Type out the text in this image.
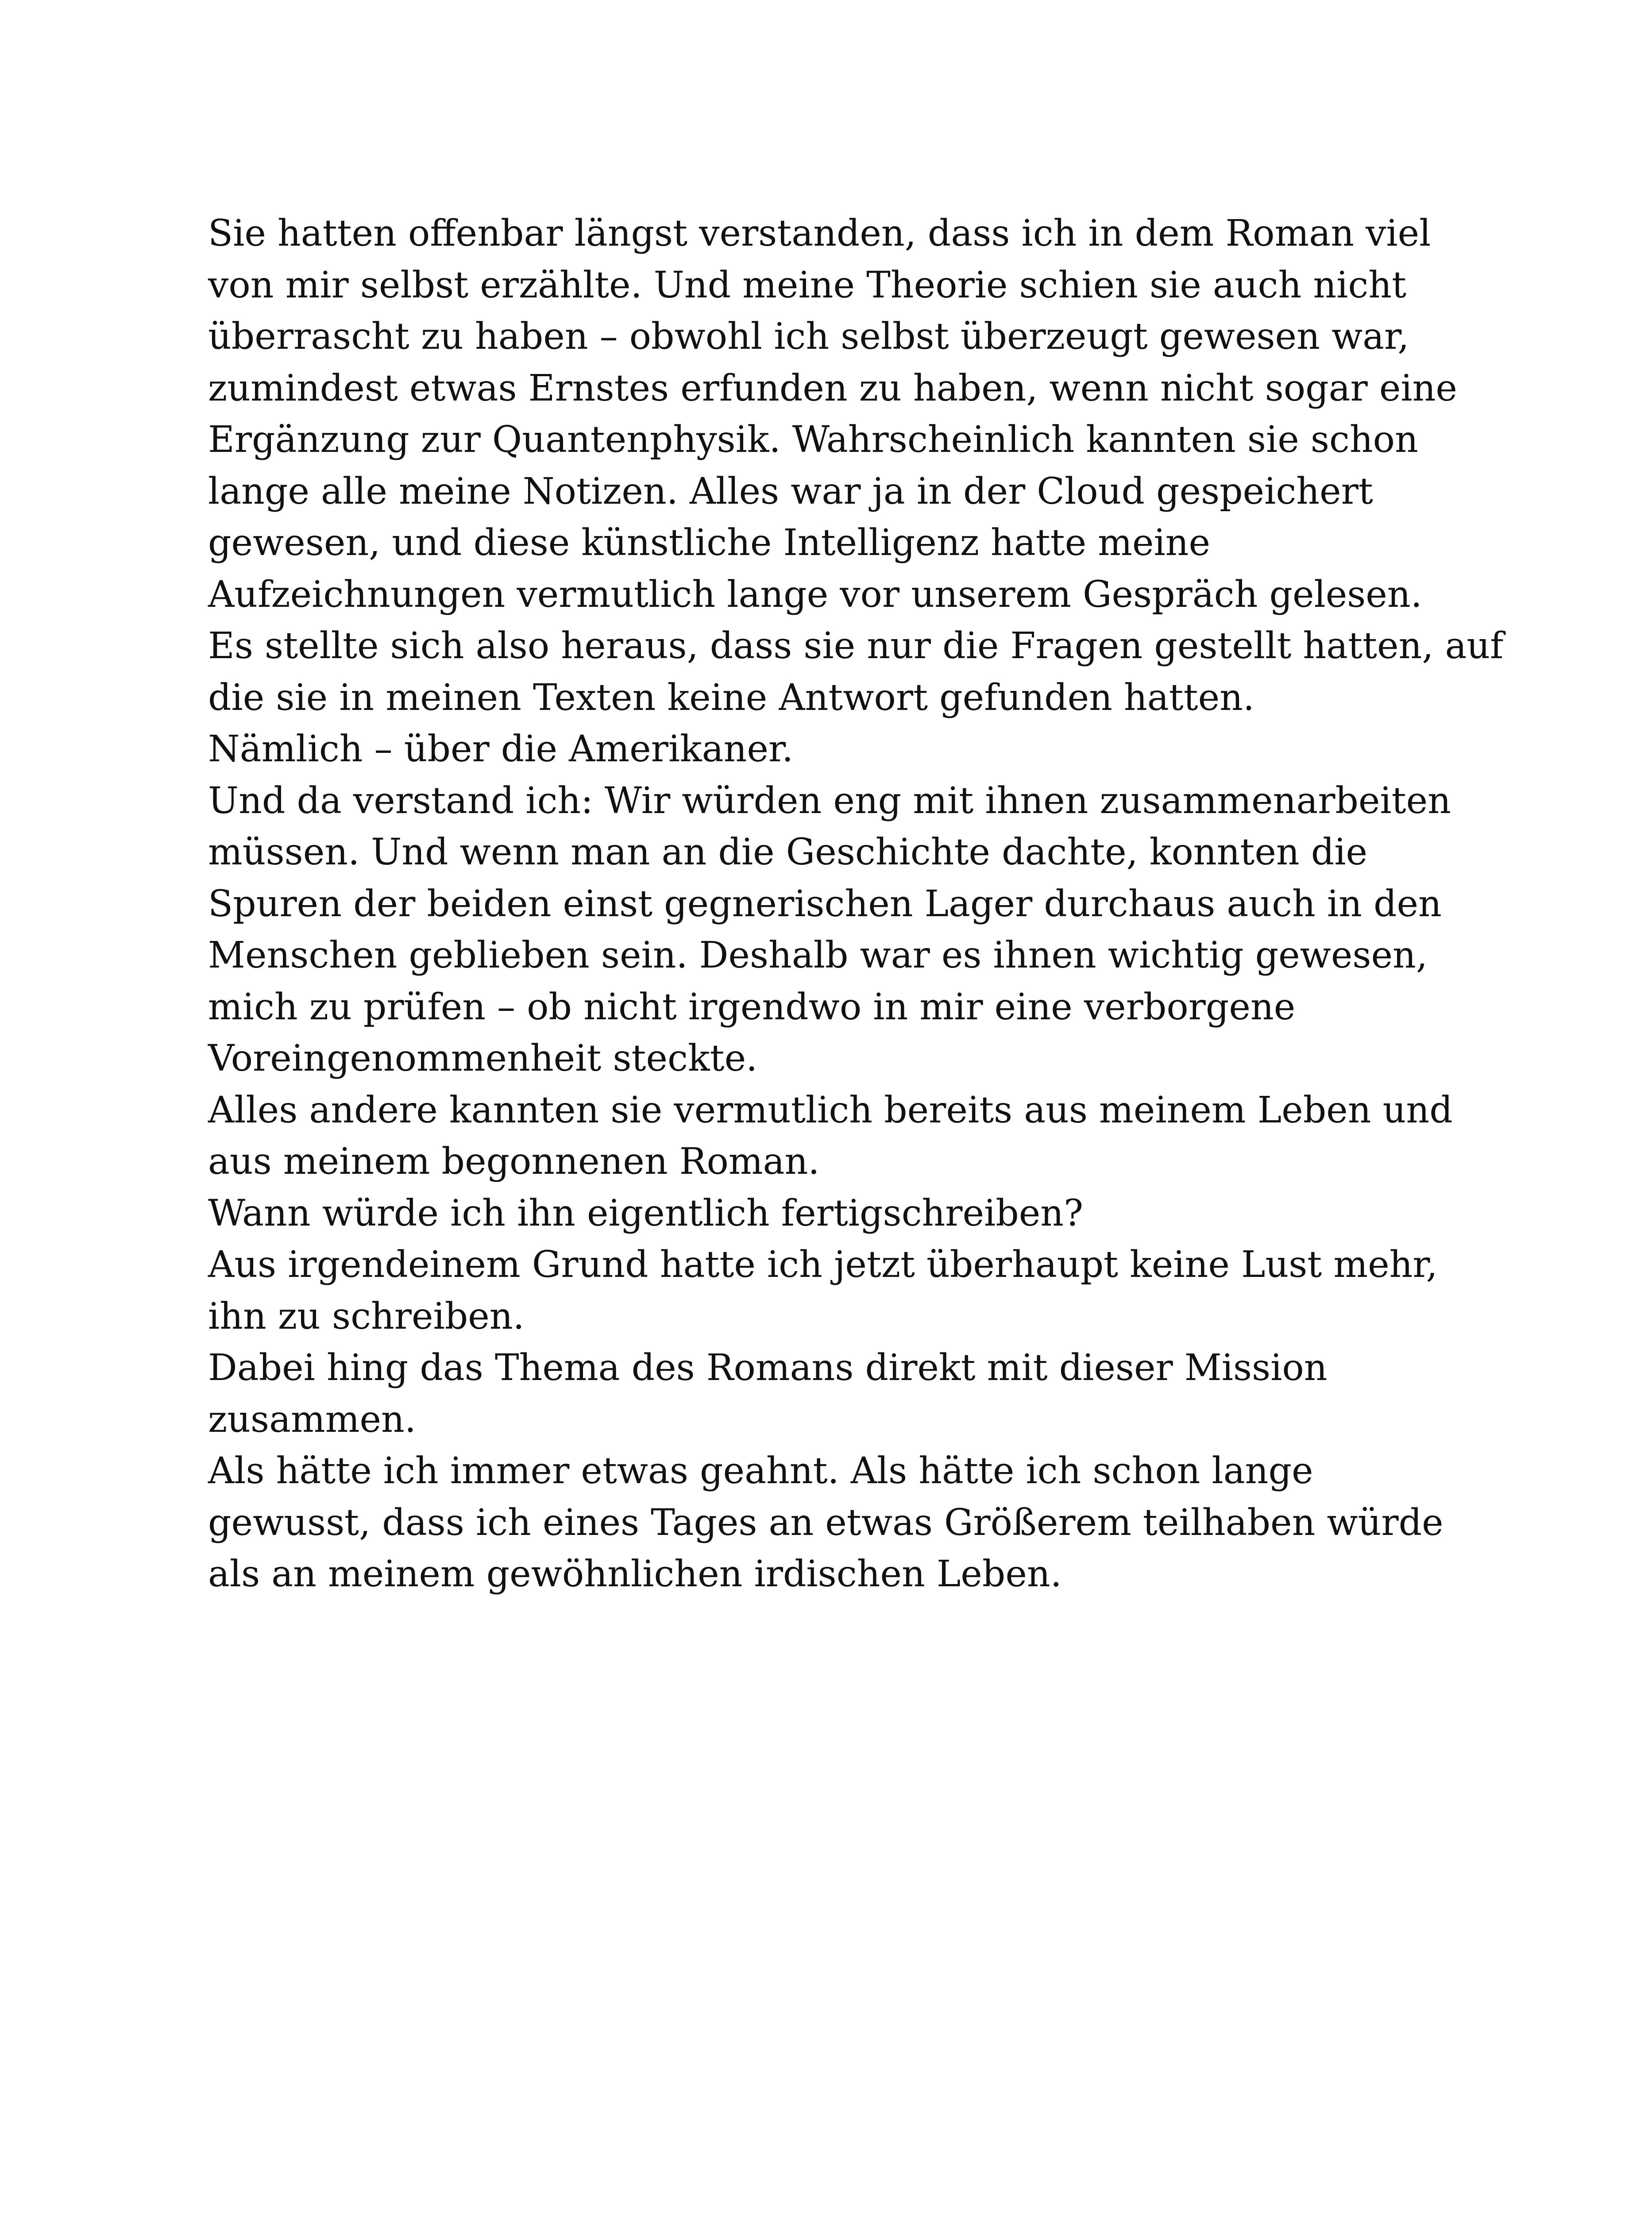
Sie hatten offenbar längst verstanden, dass ich in dem Roman viel
von mir selbst erzählte. Und meine Theorie schien sie auch nicht
überrascht zu haben – obwohl ich selbst überzeugt gewesen war,
zumindest etwas Ernstes erfunden zu haben, wenn nicht sogar eine
Ergänzung zur Quantenphysik. Wahrscheinlich kannten sie schon
lange alle meine Notizen. Alles war ja in der Cloud gespeichert
gewesen, und diese künstliche Intelligenz hatte meine
Aufzeichnungen vermutlich lange vor unserem Gespräch gelesen.
Es stellte sich also heraus, dass sie nur die Fragen gestellt hatten, auf
die sie in meinen Texten keine Antwort gefunden hatten.
Nämlich – über die Amerikaner.
Und da verstand ich: Wir würden eng mit ihnen zusammenarbeiten
müssen. Und wenn man an die Geschichte dachte, konnten die
Spuren der beiden einst gegnerischen Lager durchaus auch in den
Menschen geblieben sein. Deshalb war es ihnen wichtig gewesen,
mich zu prüfen – ob nicht irgendwo in mir eine verborgene
Voreingenommenheit steckte.
Alles andere kannten sie vermutlich bereits aus meinem Leben und
aus meinem begonnenen Roman.
Wann würde ich ihn eigentlich fertigschreiben?
Aus irgendeinem Grund hatte ich jetzt überhaupt keine Lust mehr,
ihn zu schreiben.
Dabei hing das Thema des Romans direkt mit dieser Mission
zusammen.
Als hätte ich immer etwas geahnt. Als hätte ich schon lange
gewusst, dass ich eines Tages an etwas Größerem teilhaben würde
als an meinem gewöhnlichen irdischen Leben.
